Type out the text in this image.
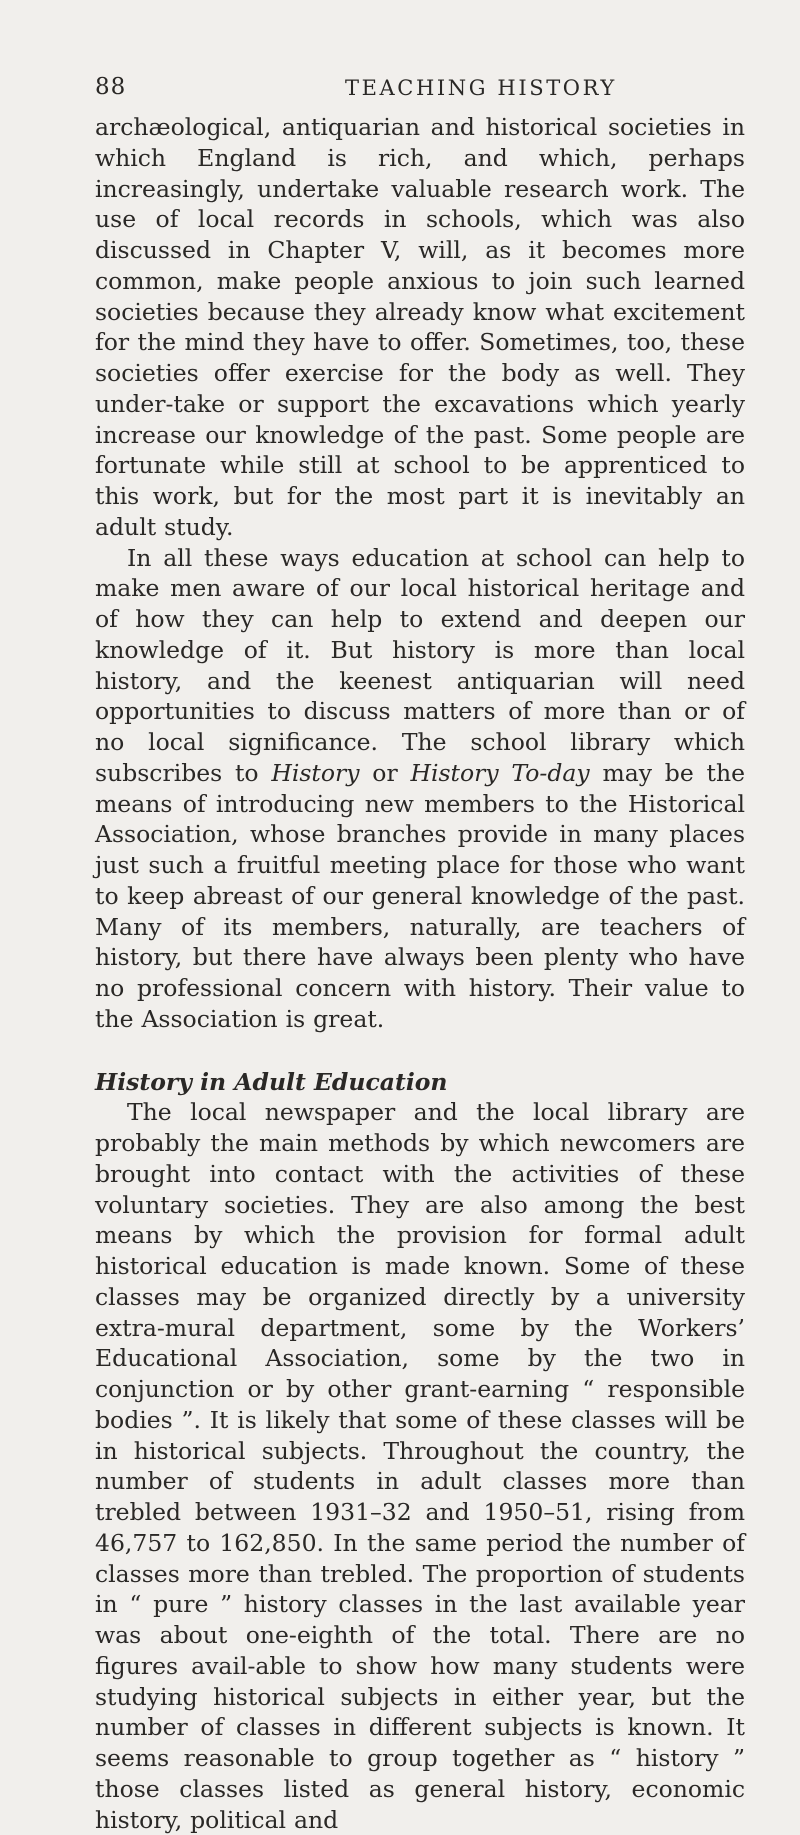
88	TEACHING HISTORY

archæological, antiquarian and historical societies in which England is rich, and which, perhaps increasingly, undertake valuable research work. The use of local records in schools, which was also discussed in Chapter V, will, as it becomes more common, make people anxious to join such learned societies because they already know what excitement for the mind they have to offer. Sometimes, too, these societies offer exercise for the body as well. They under-take or support the excavations which yearly increase our knowledge of the past. Some people are fortunate while still at school to be apprenticed to this work, but for the most part it is inevitably an adult study.

In all these ways education at school can help to make men aware of our local historical heritage and of how they can help to extend and deepen our knowledge of it. But history is more than local history, and the keenest antiquarian will need opportunities to discuss matters of more than or of no local significance. The school library which subscribes to History or History To-day may be the means of introducing new members to the Historical Association, whose branches provide in many places just such a fruitful meeting place for those who want to keep abreast of our general knowledge of the past. Many of its members, naturally, are teachers of history, but there have always been plenty who have no professional concern with history. Their value to the Association is great.

History in Adult Education

The local newspaper and the local library are probably the main methods by which newcomers are brought into contact with the activities of these voluntary societies. They are also among the best means by which the provision for formal adult historical education is made known. Some of these classes may be organized directly by a university extra-mural department, some by the Workers’ Educational Association, some by the two in conjunction or by other grant-earning “ responsible bodies ”. It is likely that some of these classes will be in historical subjects. Throughout the country, the number of students in adult classes more than trebled between 1931–32 and 1950–51, rising from 46,757 to 162,850. In the same period the number of classes more than trebled. The proportion of students in “ pure ” history classes in the last available year was about one-eighth of the total. There are no figures avail-able to show how many students were studying historical subjects in either year, but the number of classes in different subjects is known. It seems reasonable to group together as “ history ” those classes listed as general history, economic history, political and
